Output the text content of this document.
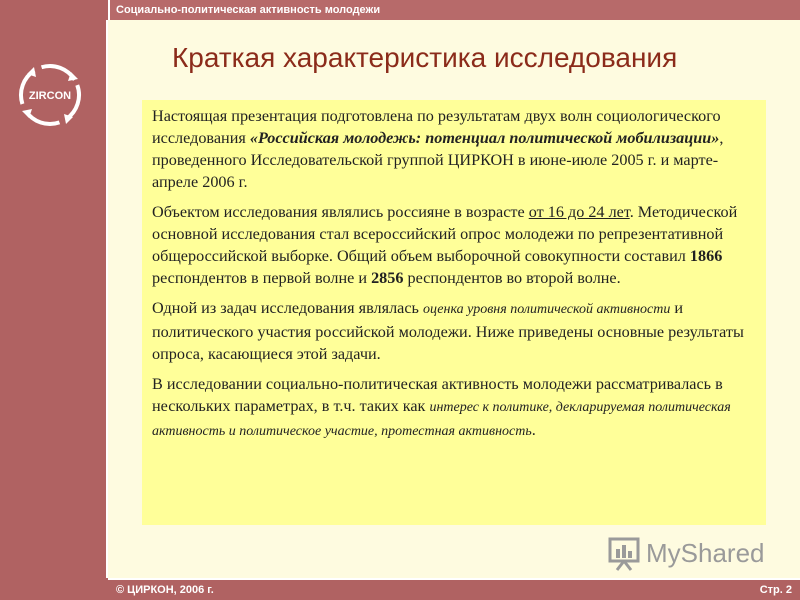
Социально-политическая активность молодежи
ZIRCON
Краткая характеристика исследования

Настоящая презентация подготовлена по результатам двух волн социологического исследования «Российская молодежь: потенциал политической мобилизации», проведенного Исследовательской группой ЦИРКОН в июне-июле 2005 г. и марте-апреле 2006 г.

Объектом исследования являлись россияне в возрасте от 16 до 24 лет. Методической основной исследования стал всероссийский опрос молодежи по репрезентативной общероссийской выборке. Общий объем выборочной совокупности составил 1866 респондентов в первой волне и 2856 респондентов во второй волне.

Одной из задач исследования являлась оценка уровня политической активности и политического участия российской молодежи. Ниже приведены основные результаты опроса, касающиеся этой задачи.

В исследовании социально-политическая активность молодежи рассматривалась в нескольких параметрах, в т.ч. таких как интерес к политике, декларируемая политическая активность и политическое участие, протестная активность.

MyShared
© ЦИРКОН, 2006 г.	Стр. 2
